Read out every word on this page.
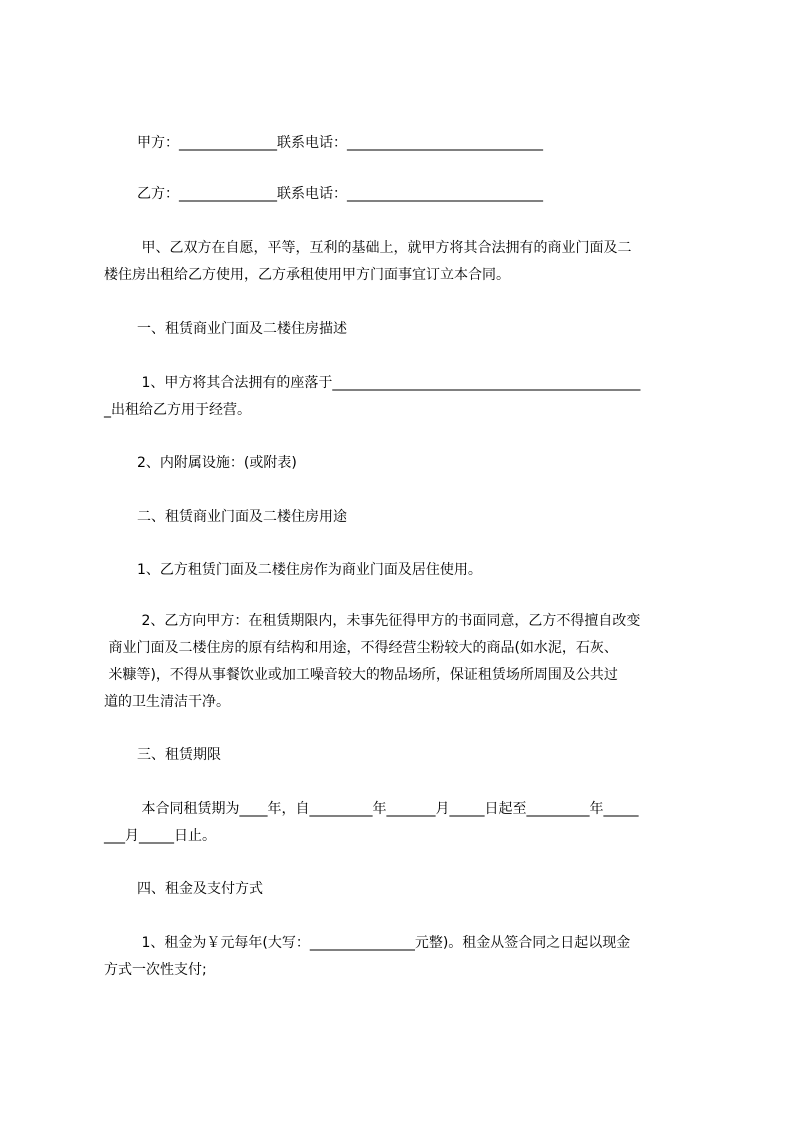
甲方：______________联系电话：____________________________

乙方：______________联系电话：____________________________

甲、乙双方在自愿，平等，互利的基础上，就甲方将其合法拥有的商业门面及二

楼住房出租给乙方使用，乙方承租使用甲方门面事宜订立本合同。

一、租赁商业门面及二楼住房描述

1、甲方将其合法拥有的座落于____________________________________________

_出租给乙方用于经营。

2、内附属设施：(或附表)

二、租赁商业门面及二楼住房用途

1、乙方租赁门面及二楼住房作为商业门面及居住使用。

2、乙方向甲方：在租赁期限内，未事先征得甲方的书面同意，乙方不得擅自改变

商业门面及二楼住房的原有结构和用途，不得经营尘粉较大的商品(如水泥，石灰、

米糠等)，不得从事餐饮业或加工噪音较大的物品场所，保证租赁场所周围及公共过

道的卫生清洁干净。

三、租赁期限

本合同租赁期为____年，自_________年_______月_____日起至_________年_____

___月_____日止。

四、租金及支付方式

1、租金为￥元每年(大写：_______________元整)。租金从签合同之日起以现金

方式一次性支付;
